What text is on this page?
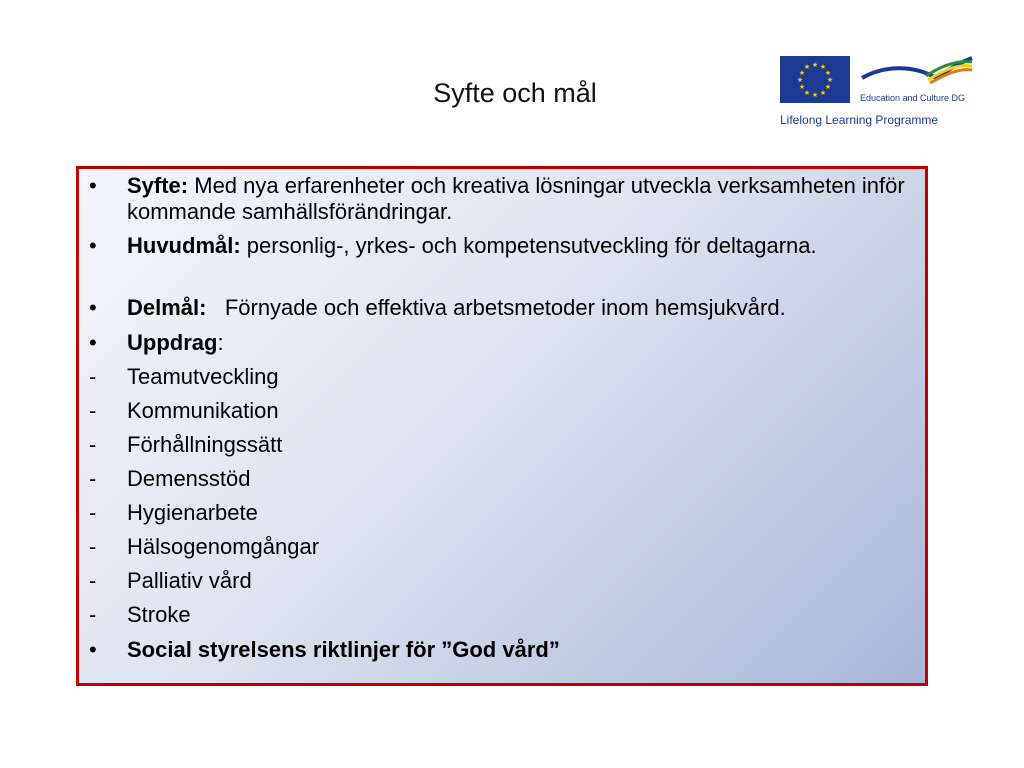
Syfte och mål
★ ★
★
★
★
★
★
★
★
★
★
★
Education and Culture DG
Lifelong Learning Programme
•	Syfte: Med nya erfarenheter och kreativa lösningar utveckla verksamheten inför kommande samhällsförändringar.
•	Huvudmål: personlig-, yrkes- och kompetensutveckling för deltagarna.
•	Delmål:   Förnyade och effektiva arbetsmetoder inom hemsjukvård.
•	Uppdrag:
-	Teamutveckling
-	Kommunikation
-	Förhållningssätt
-	Demensstöd
-	Hygienarbete
-	Hälsogenomgångar
-	Palliativ vård
-	Stroke
•	Social styrelsens riktlinjer för ”God vård”
